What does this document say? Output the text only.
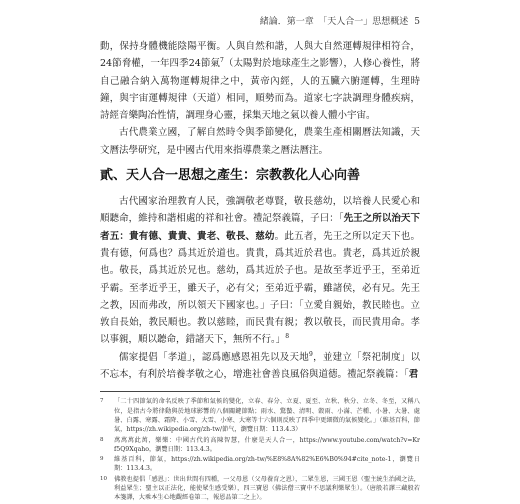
緒論．第一章　「天人合一」思想概述 5

動，保持身體機能陰陽平衡。人與自然和諧，人與大自然運轉規律相符合，24節脅權，一年四季24節氣$^7$（太陽對於地球產生之影響），人修心養性，將自己融合納入萬物運轉規律之中，黃帝內經，人的五臟六腑運轉，生理時鐘，與宇宙運轉規律（天道）相同，順勢而為。道家七字訣調理身體疾病，詩經音樂陶冶性情，調理身心靈，採集天地之氣以養人體小宇宙。

古代農業立國，了解自然時令與季節變化，農業生產相關曆法知識，天文曆法學研究，是中國古代用來指導農業之曆法曆注。

貳、天人合一思想之產生：宗教教化人心向善

古代國家治理教育人民，強調敬老尊賢，敬長慈幼，以培養人民愛心和順聽命，維持和諧相處的祥和社會。禮記祭義篇，子曰：「先王之所以治天下者五：貴有德、貴貴、貴老、敬長、慈幼。此五者，先王之所以定天下也。貴有德，何爲也？爲其近於道也。貴貴，爲其近於君也。貴老，爲其近於親也。敬長，爲其近於兄也。慈幼，爲其近於子也。是故至孝近乎王，至弟近乎霸。至孝近乎王，雖天子，必有父；至弟近乎霸，雖諸侯，必有兄。先王之教，因而弗改，所以領天下國家也。」子曰：「立愛自親始，教民睦也。立敦自長始，教民順也。教以慈睦，而民貴有親；教以敬長，而民貴用命。孝以事親，順以聽命，錯諸天下，無所不行。」$^8$

儒家提倡「孝道」，認爲應感恩祖先以及天地$^9$，並建立「祭祀制度」以不忘本，有利於培養孝敬之心，增進社會善良風俗與道德。禮記祭義篇：「君

7	「二十四節氣的命名反映了季節和氣候的變化，立春、春分、立夏、夏至、立秋、秋分、立冬、冬至，又稱八位，是指古今將律動與於地球影響的八個關鍵節點；雨水、驚蟄、清明、穀雨、小滿、芒種、小暑、大暑、處暑、白露、寒露、霜降、小雪、大雪、小寒、大寒等十六個則反映了四季中更細微的氣候變化。」（維基百科，節氣，https://zh.wikipedia.org/zh-tw/節气，瀏覽日期：113.4.3）
8	萬萬萬此萬，樂樂：中國古代的高陳智慧，什麼是天人合一，https://www.youtube.com/watch?v=Kr f5Q9Xqaho，瀏覽日期：113.4.3。
9	維基百科，節氣，https://zh.wikipedia.org/zh-tw/%E8%8A%82%E6%B0%94#cite_note-1，瀏覽日期：113.4.3。
10	佛教也提倡「感恩」：世出世間有四種，一父母恩（父母養育之恩），二眾生恩，三國王恩（聖主統生治國之法，利益眾生；聖主以正法化，能使眾生感受樂），四三寶恩（佛法僧三寶中不思議利樂眾生）。（唐般若譯三藏般若本箋譯，大乘本生心地觀經卷第二，報恩品第二之上）。
